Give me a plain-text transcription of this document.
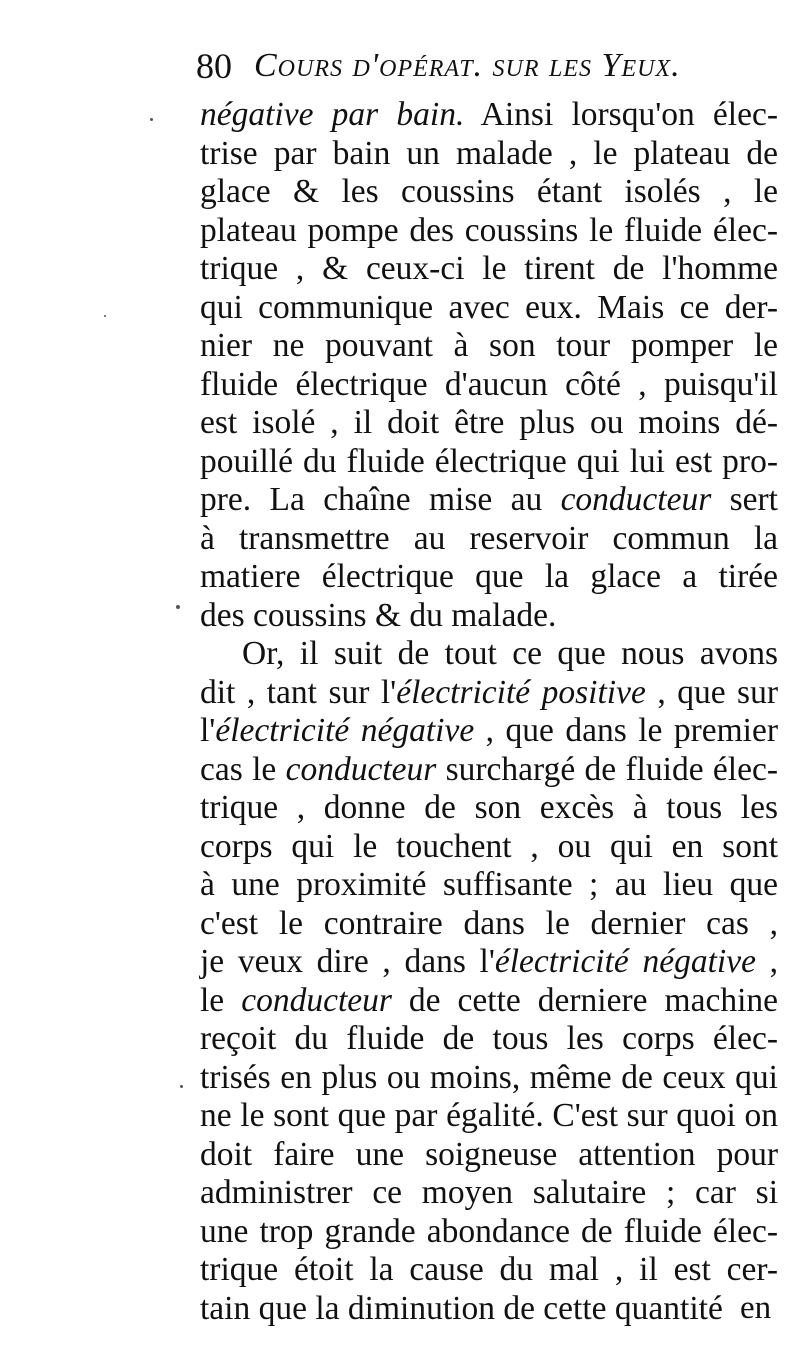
80 Cours d'opérat. sur les Yeux.
négative par bain. Ainsi lorsqu'on élec-
trise par bain un malade , le plateau de
glace & les coussins étant isolés , le
plateau pompe des coussins le fluide élec-
trique , & ceux-ci le tirent de l'homme
qui communique avec eux. Mais ce der-
nier ne pouvant à son tour pomper le
fluide électrique d'aucun côté , puisqu'il
est isolé , il doit être plus ou moins dé-
pouillé du fluide électrique qui lui est pro-
pre. La chaîne mise au conducteur sert
à transmettre au reservoir commun la
matiere électrique que la glace a tirée
des coussins & du malade.
Or, il suit de tout ce que nous avons
dit , tant sur l'électricité positive , que sur
l'électricité négative , que dans le premier
cas le conducteur surchargé de fluide élec-
trique , donne de son excès à tous les
corps qui le touchent , ou qui en sont
à une proximité suffisante ; au lieu que
c'est le contraire dans le dernier cas ,
je veux dire , dans l'électricité négative ,
le conducteur de cette derniere machine
reçoit du fluide de tous les corps élec-
trisés en plus ou moins, même de ceux qui
ne le sont que par égalité. C'est sur quoi on
doit faire une soigneuse attention pour
administrer ce moyen salutaire ; car si
une trop grande abondance de fluide élec-
trique étoit la cause du mal , il est cer-
tain que la diminution de cette quantité en
